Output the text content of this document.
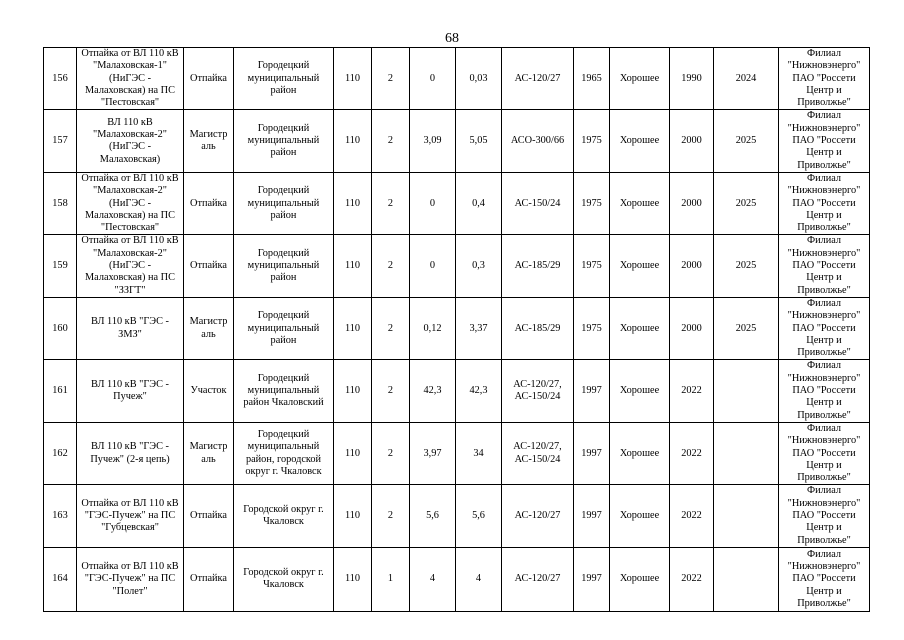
68
156	Отпайка от ВЛ 110 кВ "Малаховская-1" (НиГЭС - Малаховская) на ПС "Пестовская"	Отпайка	Городецкий муниципальный район	110	2	0	0,03	АС-120/27	1965	Хорошее	1990	2024	Филиал "Нижновэнерго" ПАО "Россети Центр и Приволжье"
157	ВЛ 110 кВ "Малаховская-2" (НиГЭС - Малаховская)	Магистр аль	Городецкий муниципальный район	110	2	3,09	5,05	АСО-300/66	1975	Хорошее	2000	2025	Филиал "Нижновэнерго" ПАО "Россети Центр и Приволжье"
158	Отпайка от ВЛ 110 кВ "Малаховская-2" (НиГЭС - Малаховская) на ПС "Пестовская"	Отпайка	Городецкий муниципальный район	110	2	0	0,4	АС-150/24	1975	Хорошее	2000	2025	Филиал "Нижновэнерго" ПАО "Россети Центр и Приволжье"
159	Отпайка от ВЛ 110 кВ "Малаховская-2" (НиГЭС - Малаховская) на ПС "ЗЗГТ"	Отпайка	Городецкий муниципальный район	110	2	0	0,3	АС-185/29	1975	Хорошее	2000	2025	Филиал "Нижновэнерго" ПАО "Россети Центр и Приволжье"
160	ВЛ 110 кВ "ГЭС - ЗМЗ"	Магистр аль	Городецкий муниципальный район	110	2	0,12	3,37	АС-185/29	1975	Хорошее	2000	2025	Филиал "Нижновэнерго" ПАО "Россети Центр и Приволжье"
161	ВЛ 110 кВ "ГЭС - Пучеж"	Участок	Городецкий муниципальный район Чкаловский	110	2	42,3	42,3	АС-120/27, АС-150/24	1997	Хорошее	2022		Филиал "Нижновэнерго" ПАО "Россети Центр и Приволжье"
162	ВЛ 110 кВ "ГЭС - Пучеж" (2-я цепь)	Магистр аль	Городецкий муниципальный район, городской округ г. Чкаловск	110	2	3,97	34	АС-120/27, АС-150/24	1997	Хорошее	2022		Филиал "Нижновэнерго" ПАО "Россети Центр и Приволжье"
163	Отпайка от ВЛ 110 кВ "ГЭС-Пучеж" на ПС "Губцевская"	Отпайка	Городской округ г. Чкаловск	110	2	5,6	5,6	АС-120/27	1997	Хорошее	2022		Филиал "Нижновэнерго" ПАО "Россети Центр и Приволжье"
164	Отпайка от ВЛ 110 кВ "ГЭС-Пучеж" на ПС "Полет"	Отпайка	Городской округ г. Чкаловск	110	1	4	4	АС-120/27	1997	Хорошее	2022		Филиал "Нижновэнерго" ПАО "Россети Центр и Приволжье"
